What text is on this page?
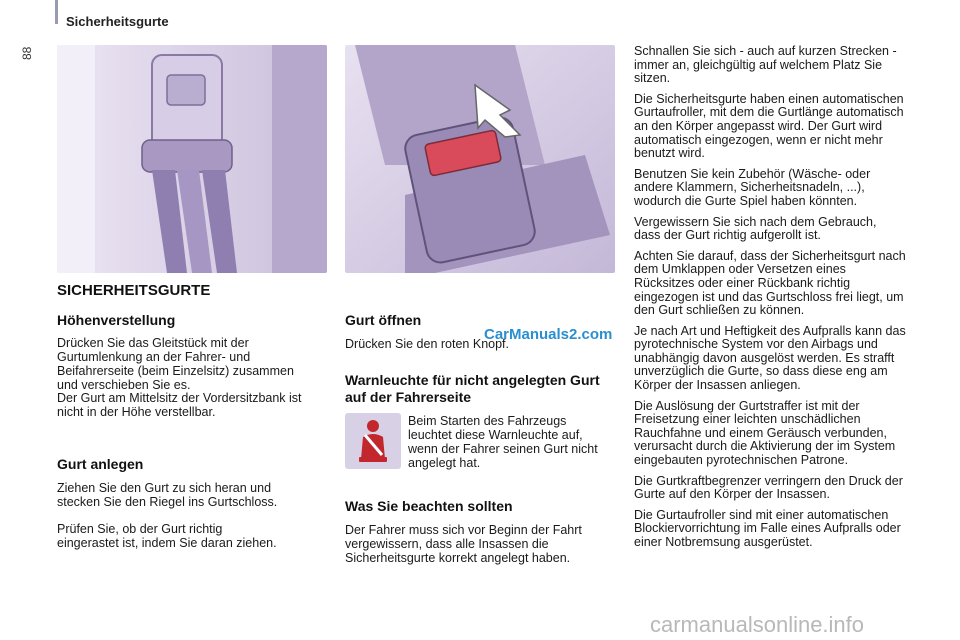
Sicherheitsgurte
88
SICHERHEITSGURTE
Höhenverstellung

Drücken Sie das Gleitstück mit der Gurtumlenkung an der Fahrer- und Beifahrerseite (beim Einzelsitz) zusammen und verschieben Sie es.

Der Gurt am Mittelsitz der Vordersitzbank ist nicht in der Höhe verstellbar.

Gurt anlegen

Ziehen Sie den Gurt zu sich heran und stecken Sie den Riegel ins Gurtschloss.

Prüfen Sie, ob der Gurt richtig eingerastet ist, indem Sie daran ziehen.

Gurt öffnen

Drücken Sie den roten Knopf.

Warnleuchte für nicht angelegten Gurt auf der Fahrerseite

Beim Starten des Fahrzeugs leuchtet diese Warnleuchte auf, wenn der Fahrer seinen Gurt nicht angelegt hat.

Was Sie beachten sollten

Der Fahrer muss sich vor Beginn der Fahrt vergewissern, dass alle Insassen die Sicherheitsgurte korrekt angelegt haben.

Schnallen Sie sich - auch auf kurzen Strecken - immer an, gleichgültig auf welchem Platz Sie sitzen.

Die Sicherheitsgurte haben einen automatischen Gurtaufroller, mit dem die Gurtlänge automatisch an den Körper angepasst wird. Der Gurt wird automatisch eingezogen, wenn er nicht mehr benutzt wird.

Benutzen Sie kein Zubehör (Wäsche- oder andere Klammern, Sicherheitsnadeln, ...), wodurch die Gurte Spiel haben könnten.

Vergewissern Sie sich nach dem Gebrauch, dass der Gurt richtig aufgerollt ist.

Achten Sie darauf, dass der Sicherheitsgurt nach dem Umklappen oder Versetzen eines Rücksitzes oder einer Rückbank richtig eingezogen ist und das Gurtschloss frei liegt, um den Gurt schließen zu können.

Je nach Art und Heftigkeit des Aufpralls kann das pyrotechnische System vor den Airbags und unabhängig davon ausgelöst werden. Es strafft unverzüglich die Gurte, so dass diese eng am Körper der Insassen anliegen.

Die Auslösung der Gurtstraffer ist mit der Freisetzung einer leichten unschädlichen Rauchfahne und einem Geräusch verbunden, verursacht durch die Aktivierung der im System eingebauten pyrotechnischen Patrone.

Die Gurtkraftbegrenzer verringern den Druck der Gurte auf den Körper der Insassen.

Die Gurtaufroller sind mit einer automatischen Blockiervorrichtung im Falle eines Aufpralls oder einer Notbremsung ausgerüstet.

CarManuals2.com
carmanualsonline.info
